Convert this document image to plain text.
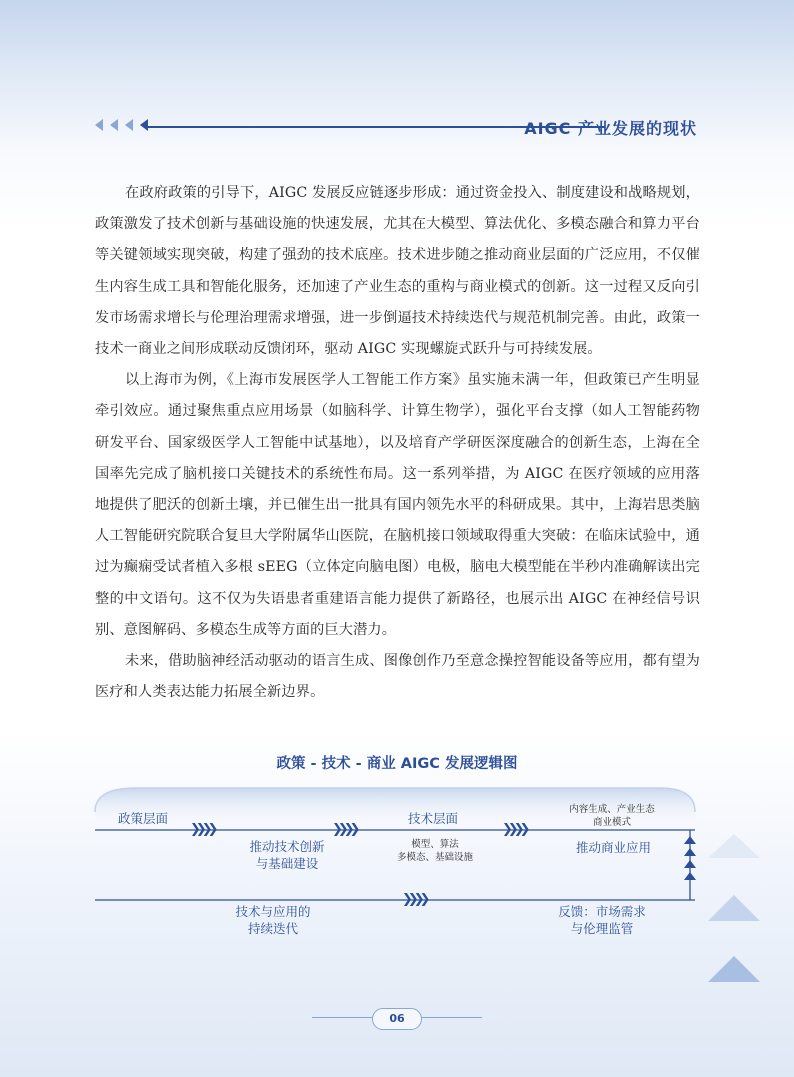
AIGC 产业发展的现状

在政府政策的引导下，AIGC 发展反应链逐步形成：通过资金投入、制度建设和战略规划，政策激发了技术创新与基础设施的快速发展，尤其在大模型、算法优化、多模态融合和算力平台等关键领域实现突破，构建了强劲的技术底座。技术进步随之推动商业层面的广泛应用，不仅催生内容生成工具和智能化服务，还加速了产业生态的重构与商业模式的创新。这一过程又反向引发市场需求增长与伦理治理需求增强，进一步倒逼技术持续迭代与规范机制完善。由此，政策一技术一商业之间形成联动反馈闭环，驱动 AIGC 实现螺旋式跃升与可持续发展。

以上海市为例，《上海市发展医学人工智能工作方案》虽实施未满一年，但政策已产生明显牵引效应。通过聚焦重点应用场景（如脑科学、计算生物学），强化平台支撑（如人工智能药物研发平台、国家级医学人工智能中试基地），以及培育产学研医深度融合的创新生态，上海在全国率先完成了脑机接口关键技术的系统性布局。这一系列举措，为 AIGC 在医疗领域的应用落地提供了肥沃的创新土壤，并已催生出一批具有国内领先水平的科研成果。其中，上海岩思类脑人工智能研究院联合复旦大学附属华山医院，在脑机接口领域取得重大突破：在临床试验中，通过为癫痫受试者植入多根 sEEG（立体定向脑电图）电极，脑电大模型能在半秒内准确解读出完整的中文语句。这不仅为失语患者重建语言能力提供了新路径，也展示出 AIGC 在神经信号识别、意图解码、多模态生成等方面的巨大潜力。

未来，借助脑神经活动驱动的语言生成、图像创作乃至意念操控智能设备等应用，都有望为医疗和人类表达能力拓展全新边界。

政策 - 技术 - 商业 AIGC 发展逻辑图
政策层面	技术层面
内容生成、产业生态
商业模式
❯❯❯❯	❯❯❯❯	❯❯❯❯
推动技术创新
与基础建设
模型、算法
多模态、基础设施
推动商业应用
❯❯❯❯
技术与应用的
持续迭代
反馈：市场需求
与伦理监管
06
